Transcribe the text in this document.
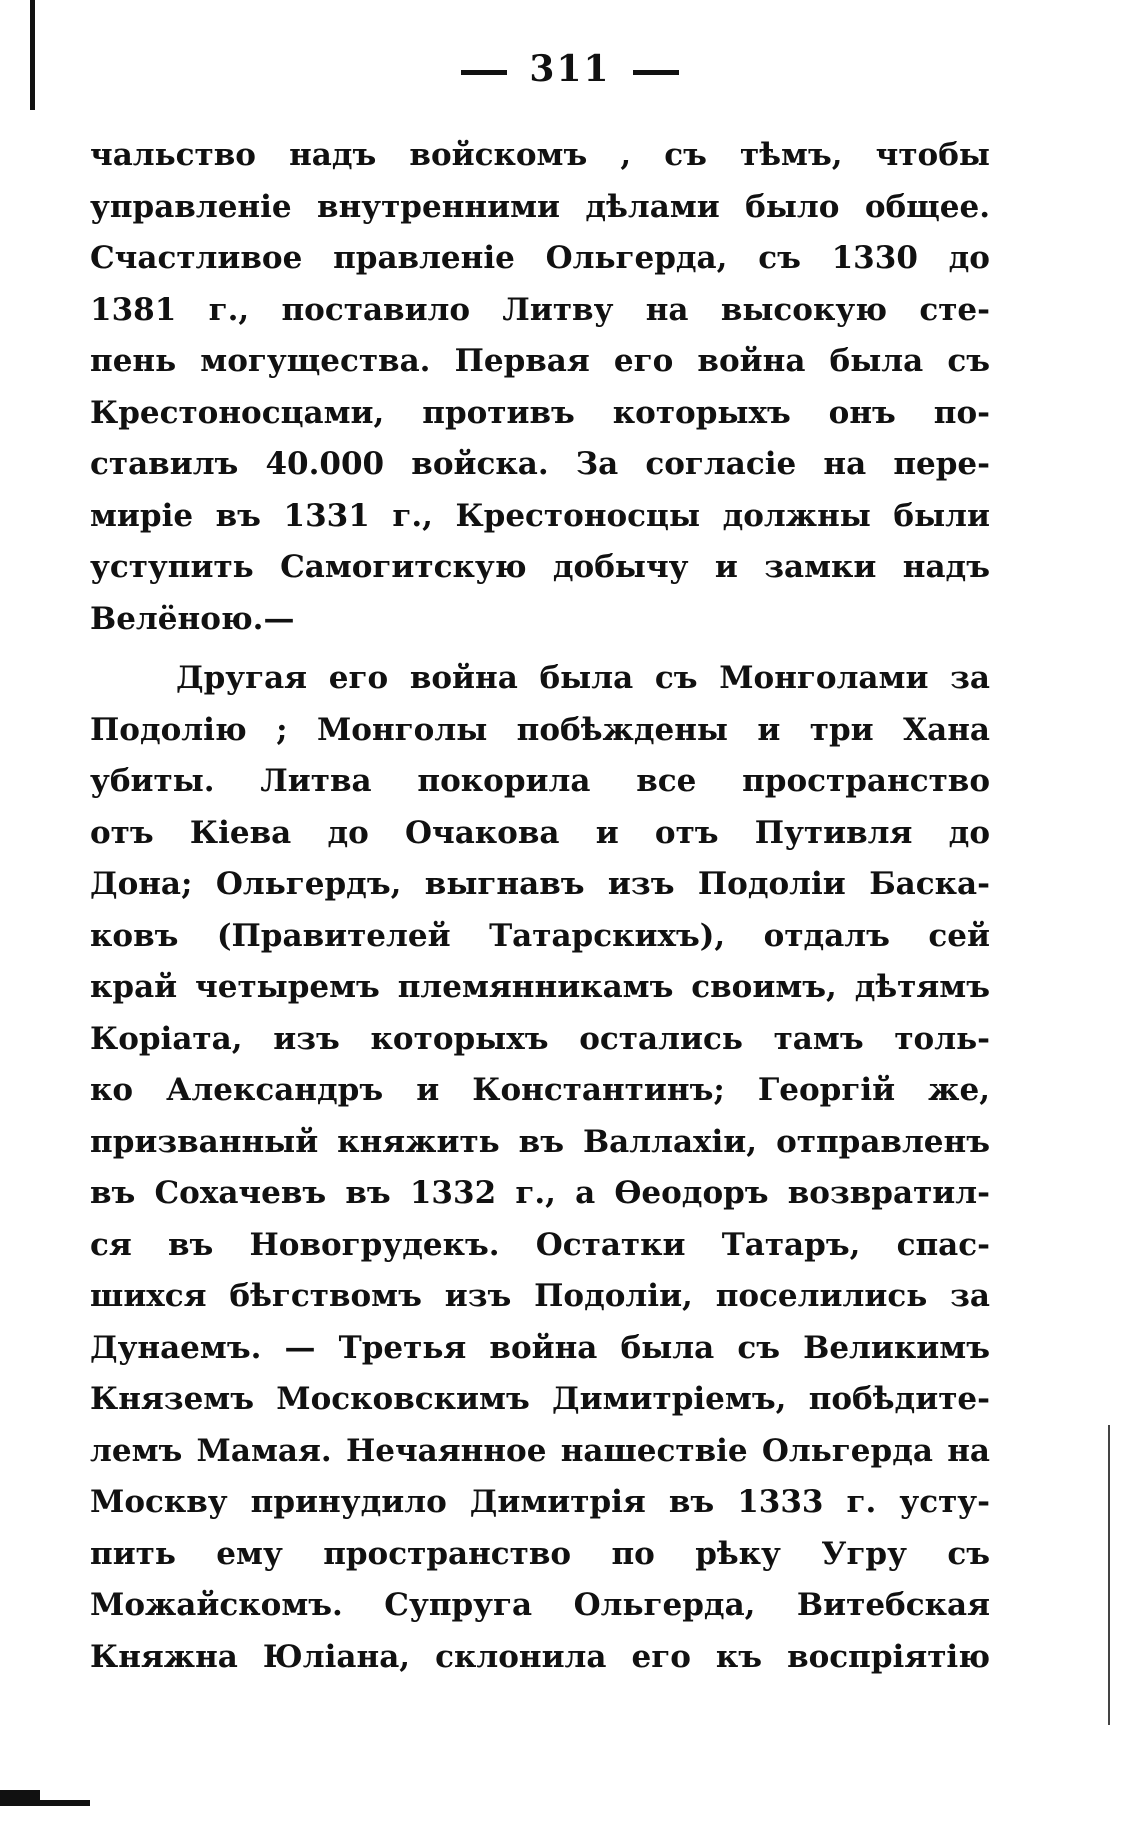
311
чальство надъ войскомъ , съ тѣмъ, чтобы
управленіе внутренними дѣлами было общее.
Счастливое правленіе Ольгерда, съ 1330 до
1381 г., поставило Литву на высокую сте-
пень могущества. Первая его война была съ
Крестоносцами, противъ которыхъ онъ по-
ставилъ 40.000 войска. За согласіе на пере-
миріе въ 1331 г., Крестоносцы должны были
уступить Самогитскую добычу и замки надъ
Велёною.—
Другая его война была съ Монголами за
Подолію ; Монголы побѣждены и три Хана
убиты. Литва покорила все пространство
отъ Кіева до Очакова и отъ Путивля до
Дона; Ольгердъ, выгнавъ изъ Подоліи Баска-
ковъ (Правителей Татарскихъ), отдалъ сей
край четыремъ племянникамъ своимъ, дѣтямъ
Коріата, изъ которыхъ остались тамъ толь-
ко Александръ и Константинъ; Георгій же,
призванный княжить въ Валлахіи, отправленъ
въ Сохачевъ въ 1332 г., а Ѳеодоръ возвратил-
ся въ Новогрудекъ. Остатки Татаръ, спас-
шихся бѣгствомъ изъ Подоліи, поселились за
Дунаемъ. — Третья война была съ Великимъ
Княземъ Московскимъ Димитріемъ, побѣдите-
лемъ Мамая. Нечаянное нашествіе Ольгерда на
Москву принудило Димитрія въ 1333 г. усту-
пить ему пространство по рѣку Угру съ
Можайскомъ. Супруга Ольгерда, Витебская
Княжна Юліана, склонила его къ воспріятію
